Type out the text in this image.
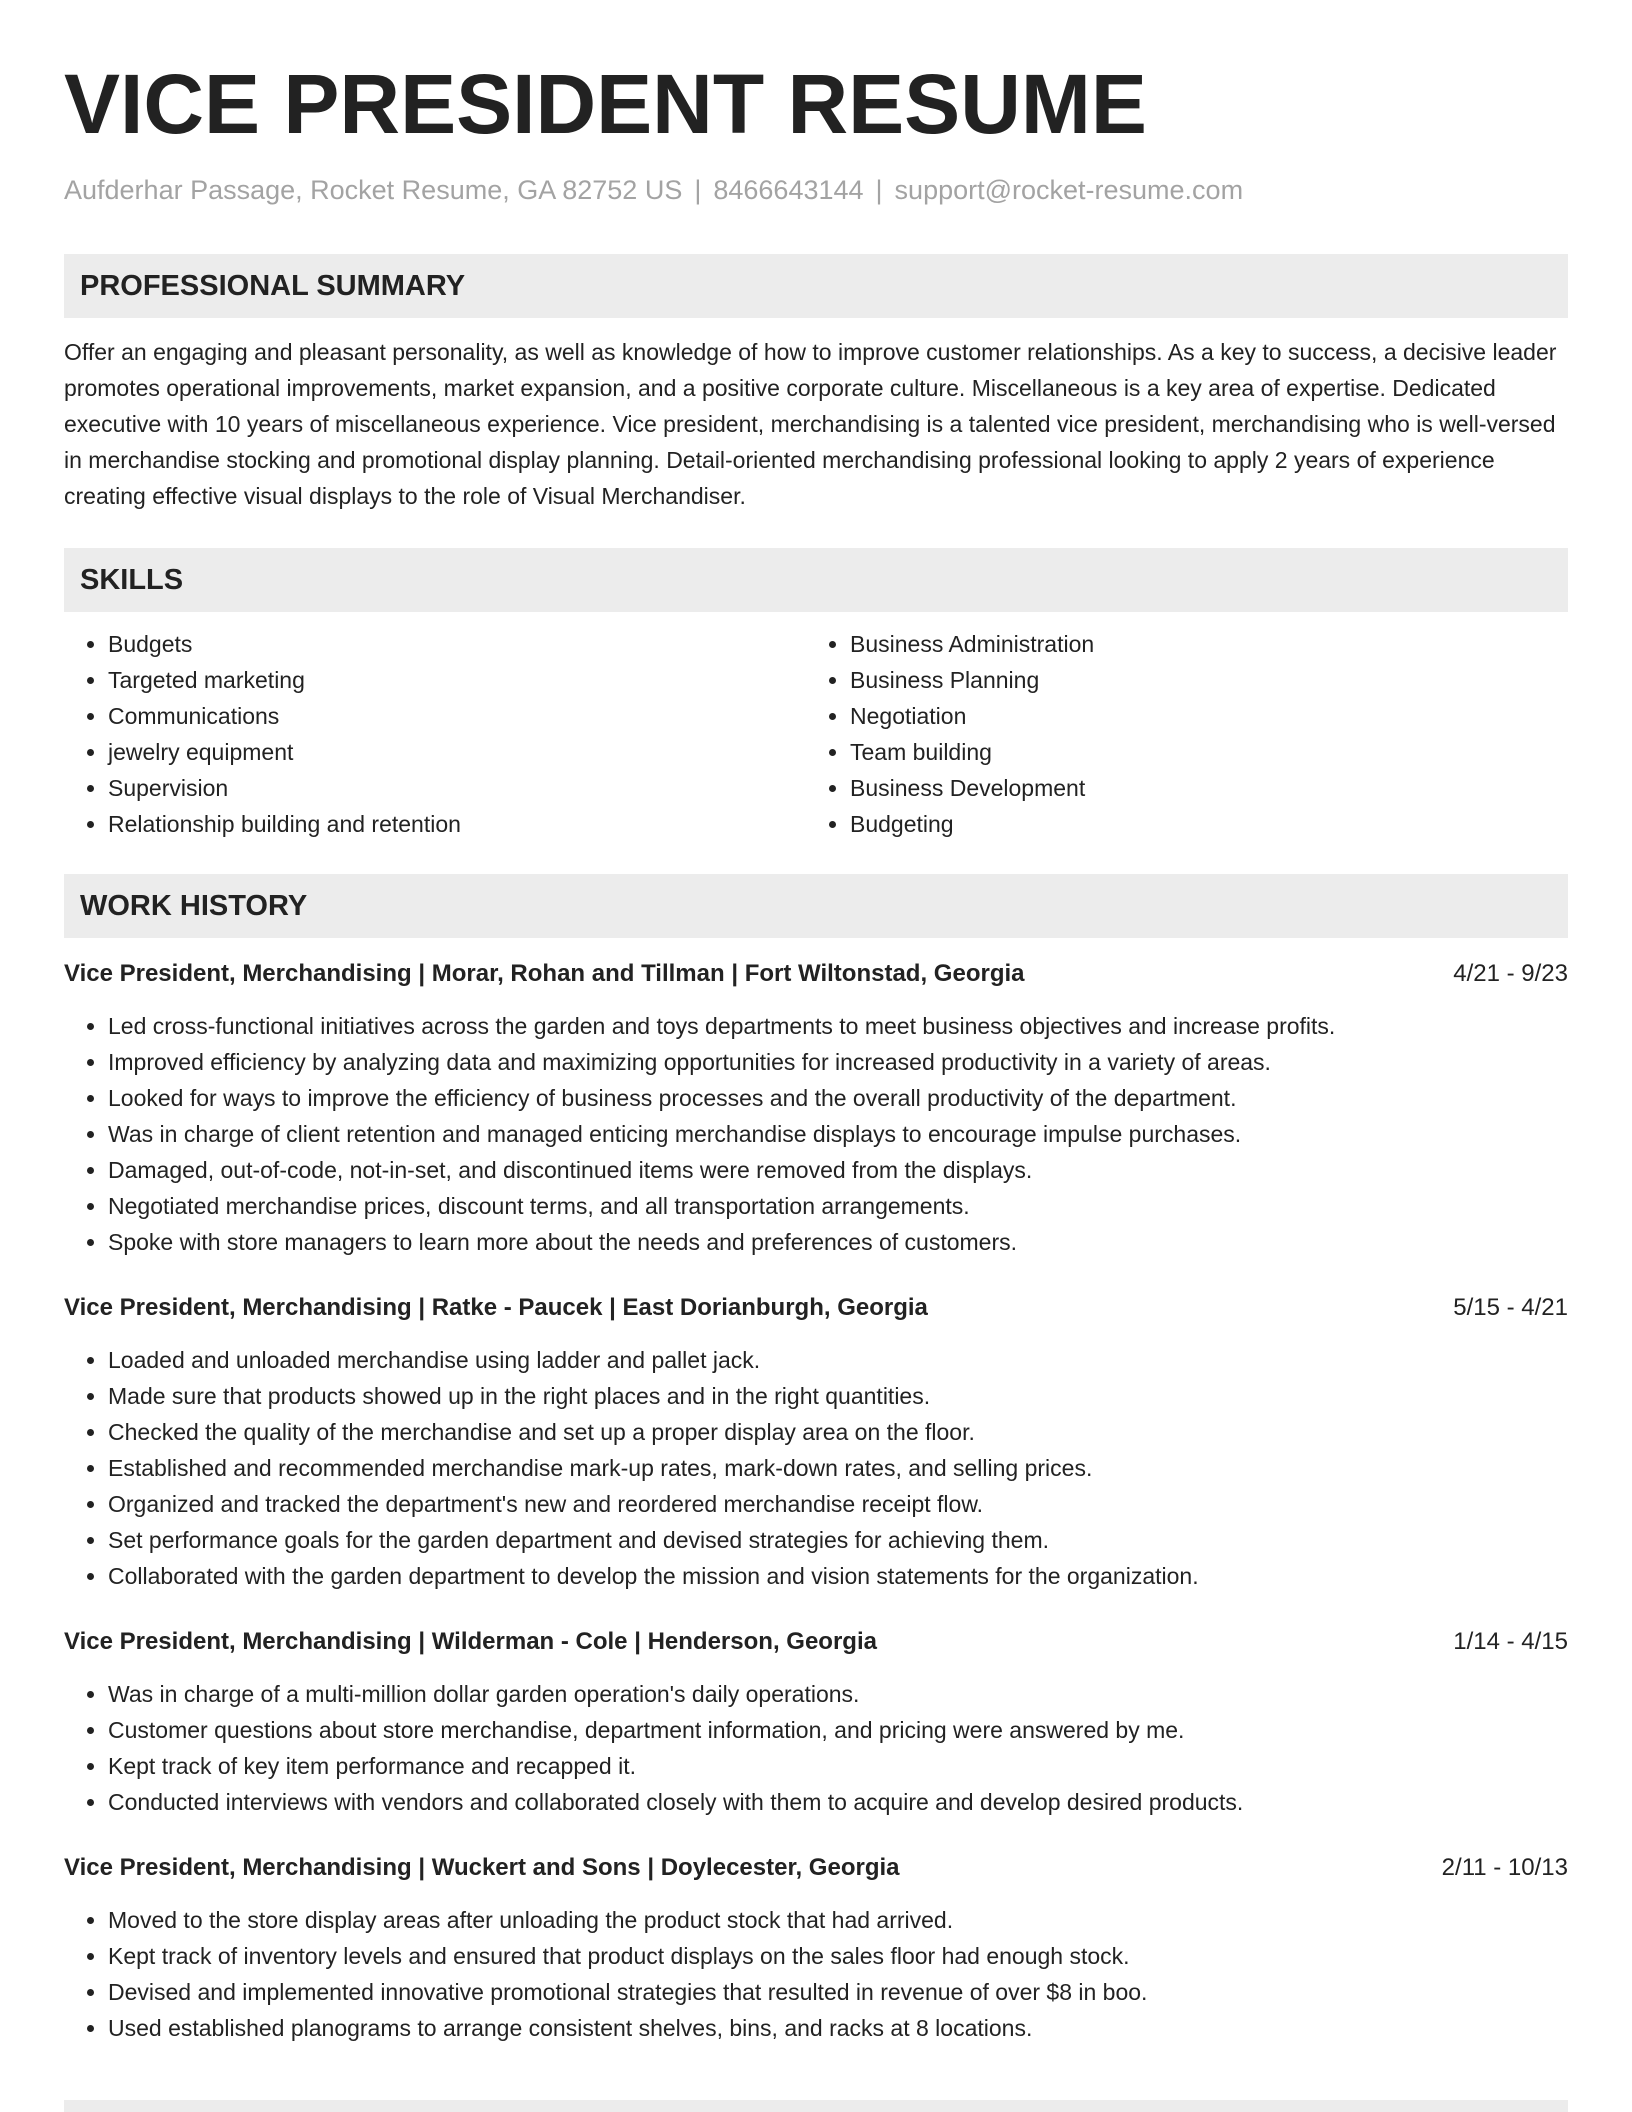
VICE PRESIDENT RESUME
Aufderhar Passage, Rocket Resume, GA 82752 US | 8466643144 | support@rocket-resume.com
PROFESSIONAL SUMMARY
Offer an engaging and pleasant personality, as well as knowledge of how to improve customer relationships. As a key to success, a decisive leader promotes operational improvements, market expansion, and a positive corporate culture. Miscellaneous is a key area of expertise. Dedicated executive with 10 years of miscellaneous experience. Vice president, merchandising is a talented vice president, merchandising who is well-versed in merchandise stocking and promotional display planning. Detail-oriented merchandising professional looking to apply 2 years of experience creating effective visual displays to the role of Visual Merchandiser.
SKILLS
• Budgets
• Targeted marketing
• Communications
• jewelry equipment
• Supervision
• Relationship building and retention
• Business Administration
• Business Planning
• Negotiation
• Team building
• Business Development
• Budgeting
WORK HISTORY
Vice President, Merchandising | Morar, Rohan and Tillman | Fort Wiltonstad, Georgia	4/21 - 9/23
• Led cross-functional initiatives across the garden and toys departments to meet business objectives and increase profits.
• Improved efficiency by analyzing data and maximizing opportunities for increased productivity in a variety of areas.
• Looked for ways to improve the efficiency of business processes and the overall productivity of the department.
• Was in charge of client retention and managed enticing merchandise displays to encourage impulse purchases.
• Damaged, out-of-code, not-in-set, and discontinued items were removed from the displays.
• Negotiated merchandise prices, discount terms, and all transportation arrangements.
• Spoke with store managers to learn more about the needs and preferences of customers.
Vice President, Merchandising | Ratke - Paucek | East Dorianburgh, Georgia	5/15 - 4/21
• Loaded and unloaded merchandise using ladder and pallet jack.
• Made sure that products showed up in the right places and in the right quantities.
• Checked the quality of the merchandise and set up a proper display area on the floor.
• Established and recommended merchandise mark-up rates, mark-down rates, and selling prices.
• Organized and tracked the department's new and reordered merchandise receipt flow.
• Set performance goals for the garden department and devised strategies for achieving them.
• Collaborated with the garden department to develop the mission and vision statements for the organization.
Vice President, Merchandising | Wilderman - Cole | Henderson, Georgia	1/14 - 4/15
• Was in charge of a multi-million dollar garden operation's daily operations.
• Customer questions about store merchandise, department information, and pricing were answered by me.
• Kept track of key item performance and recapped it.
• Conducted interviews with vendors and collaborated closely with them to acquire and develop desired products.
Vice President, Merchandising | Wuckert and Sons | Doylecester, Georgia	2/11 - 10/13
• Moved to the store display areas after unloading the product stock that had arrived.
• Kept track of inventory levels and ensured that product displays on the sales floor had enough stock.
• Devised and implemented innovative promotional strategies that resulted in revenue of over $8 in boo.
• Used established planograms to arrange consistent shelves, bins, and racks at 8 locations.
